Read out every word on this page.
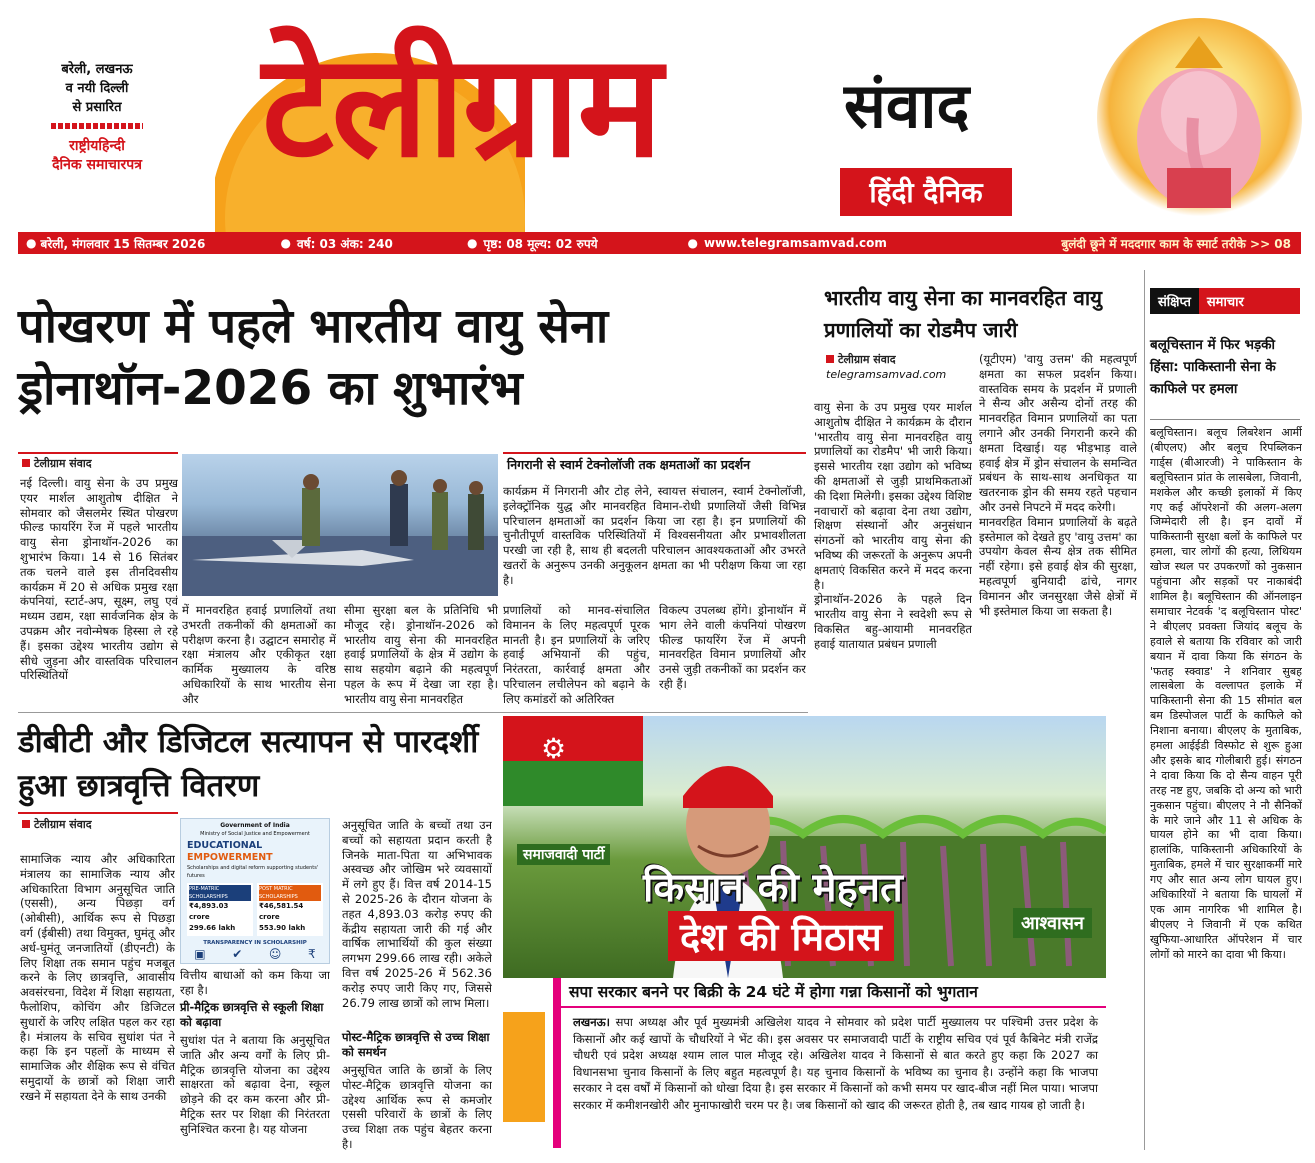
बरेली, लखनऊ
व नयी दिल्ली
से प्रसारित
राष्ट्रीयहिन्दी
दैनिक समाचारपत्र टेलीग्राम	संवाद
हिंदी दैनिक
● बरेली, मंगलवार 15 सितम्बर 2026	● वर्ष: 03 अंक: 240	● पृष्ठ: 08 मूल्य: 02 रुपये	● www.telegramsamvad.com	बुलंदी छूने में मददगार काम के स्मार्ट तरीके >> 08
पोखरण में पहले भारतीय वायु सेना ड्रोनाथॉन-2026 का शुभारंभ
टेलीग्राम संवाद
नई दिल्ली। वायु सेना के उप प्रमुख एयर मार्शल आशुतोष दीक्षित ने सोमवार को जैसलमेर स्थित पोखरण फील्ड फायरिंग रेंज में पहले भारतीय वायु सेना ड्रोनाथॉन-2026 का शुभारंभ किया। 14 से 16 सितंबर तक चलने वाले इस तीनदिवसीय कार्यक्रम में 20 से अधिक प्रमुख रक्षा कंपनियां, स्टार्ट-अप, सूक्ष्म, लघु एवं मध्यम उद्यम, रक्षा सार्वजनिक क्षेत्र के उपक्रम और नवोन्मेषक हिस्सा ले रहे हैं। इसका उद्देश्य भारतीय उद्योग से सीधे जुड़ना और वास्तविक परिचालन परिस्थितियों
में मानवरहित हवाई प्रणालियों तथा उभरती तकनीकों की क्षमताओं का परीक्षण करना है। उद्घाटन समारोह में रक्षा मंत्रालय और एकीकृत रक्षा कार्मिक मुख्यालय के वरिष्ठ अधिकारियों के साथ भारतीय सेना और
सीमा सुरक्षा बल के प्रतिनिधि भी मौजूद रहे। ड्रोनाथॉन-2026 को भारतीय वायु सेना की मानवरहित हवाई प्रणालियों के क्षेत्र में उद्योग के साथ सहयोग बढ़ाने की महत्वपूर्ण पहल के रूप में देखा जा रहा है। भारतीय वायु सेना मानवरहित
निगरानी से स्वार्म टेक्नोलॉजी तक क्षमताओं का प्रदर्शन
कार्यक्रम में निगरानी और टोह लेने, स्वायत्त संचालन, स्वार्म टेक्नोलॉजी, इलेक्ट्रॉनिक युद्ध और मानवरहित विमान-रोधी प्रणालियों जैसी विभिन्न परिचालन क्षमताओं का प्रदर्शन किया जा रहा है। इन प्रणालियों की चुनौतीपूर्ण वास्तविक परिस्थितियों में विश्वसनीयता और प्रभावशीलता परखी जा रही है, साथ ही बदलती परिचालन आवश्यकताओं और उभरते खतरों के अनुरूप उनकी अनुकूलन क्षमता का भी परीक्षण किया जा रहा है।
प्रणालियों को मानव-संचालित विमानन के लिए महत्वपूर्ण पूरक मानती है। इन प्रणालियों के जरिए हवाई अभियानों की पहुंच, निरंतरता, कार्रवाई क्षमता और परिचालन लचीलेपन को बढ़ाने के लिए कमांडरों को अतिरिक्त
विकल्प उपलब्ध होंगे। ड्रोनाथॉन में भाग लेने वाली कंपनियां पोखरण फील्ड फायरिंग रेंज में अपनी मानवरहित विमान प्रणालियों और उनसे जुड़ी तकनीकों का प्रदर्शन कर रही हैं।
भारतीय वायु सेना का मानवरहित वायु प्रणालियों का रोडमैप जारी
टेलीग्राम संवाद
telegramsamvad.com
वायु सेना के उप प्रमुख एयर मार्शल आशुतोष दीक्षित ने कार्यक्रम के दौरान 'भारतीय वायु सेना मानवरहित वायु प्रणालियों का रोडमैप' भी जारी किया। इससे भारतीय रक्षा उद्योग को भविष्य की क्षमताओं से जुड़ी प्राथमिकताओं की दिशा मिलेगी। इसका उद्देश्य विशिष्ट नवाचारों को बढ़ावा देना तथा उद्योग, शिक्षण संस्थानों और अनुसंधान संगठनों को भारतीय वायु सेना की भविष्य की जरूरतों के अनुरूप अपनी क्षमताएं विकसित करने में मदद करना है।
ड्रोनाथॉन-2026 के पहले दिन भारतीय वायु सेना ने स्वदेशी रूप से विकसित बहु-आयामी मानवरहित हवाई यातायात प्रबंधन प्रणाली
(यूटीएम) 'वायु उत्तम' की महत्वपूर्ण क्षमता का सफल प्रदर्शन किया। वास्तविक समय के प्रदर्शन में प्रणाली ने सैन्य और असैन्य दोनों तरह की मानवरहित विमान प्रणालियों का पता लगाने और उनकी निगरानी करने की क्षमता दिखाई। यह भीड़भाड़ वाले हवाई क्षेत्र में ड्रोन संचालन के समन्वित प्रबंधन के साथ-साथ अनधिकृत या खतरनाक ड्रोन की समय रहते पहचान और उनसे निपटने में मदद करेगी।
मानवरहित विमान प्रणालियों के बढ़ते इस्तेमाल को देखते हुए 'वायु उत्तम' का उपयोग केवल सैन्य क्षेत्र तक सीमित नहीं रहेगा। इसे हवाई क्षेत्र की सुरक्षा, महत्वपूर्ण बुनियादी ढांचे, नागर विमानन और जनसुरक्षा जैसे क्षेत्रों में भी इस्तेमाल किया जा सकता है।
संक्षिप्त	समाचार
बलूचिस्तान में फिर भड़की हिंसा: पाकिस्तानी सेना के काफिले पर हमला
बलूचिस्तान। बलूच लिबरेशन आर्मी (बीएलए) और बलूच रिपब्लिकन गार्ड्स (बीआरजी) ने पाकिस्तान के बलूचिस्तान प्रांत के लासबेला, जिवानी, मशकेल और कच्छी इलाकों में किए गए कई ऑपरेशनों की अलग-अलग जिम्मेदारी ली है। इन दावों में पाकिस्तानी सुरक्षा बलों के काफिले पर हमला, चार लोगों की हत्या, लिथियम खोज स्थल पर उपकरणों को नुकसान पहुंचाना और सड़कों पर नाकाबंदी शामिल है। बलूचिस्तान की ऑनलाइन समाचार नेटवर्क 'द बलूचिस्तान पोस्ट' ने बीएलए प्रवक्ता जियांद बलूच के हवाले से बताया कि रविवार को जारी बयान में दावा किया कि संगठन के 'फतह स्क्वाड' ने शनिवार सुबह लासबेला के वल्लापत इलाके में पाकिस्तानी सेना की 15 सीमांत बल बम डिस्पोजल पार्टी के काफिले को निशाना बनाया। बीएलए के मुताबिक, हमला आईईडी विस्फोट से शुरू हुआ और इसके बाद गोलीबारी हुई। संगठन ने दावा किया कि दो सैन्य वाहन पूरी तरह नष्ट हुए, जबकि दो अन्य को भारी नुकसान पहुंचा। बीएलए ने नौ सैनिकों के मारे जाने और 11 से अधिक के घायल होने का भी दावा किया। हालांकि, पाकिस्तानी अधिकारियों के मुताबिक, हमले में चार सुरक्षाकर्मी मारे गए और सात अन्य लोग घायल हुए। अधिकारियों ने बताया कि घायलों में एक आम नागरिक भी शामिल है। बीएलए ने जिवानी में एक कथित खुफिया-आधारित ऑपरेशन में चार लोगों को मारने का दावा भी किया।
डीबीटी और डिजिटल सत्यापन से पारदर्शी हुआ छात्रवृत्ति वितरण
टेलीग्राम संवाद
सामाजिक न्याय और अधिकारिता मंत्रालय का सामाजिक न्याय और अधिकारिता विभाग अनुसूचित जाति (एससी), अन्य पिछड़ा वर्ग (ओबीसी), आर्थिक रूप से पिछड़ा वर्ग (ईबीसी) तथा विमुक्त, घुमंतू और अर्ध-घुमंतू जनजातियों (डीएनटी) के लिए शिक्षा तक समान पहुंच मजबूत करने के लिए छात्रवृत्ति, आवासीय अवसंरचना, विदेश में शिक्षा सहायता, फैलोशिप, कोचिंग और डिजिटल सुधारों के जरिए लक्षित पहल कर रहा है। मंत्रालय के सचिव सुधांश पंत ने कहा कि इन पहलों के माध्यम से सामाजिक और शैक्षिक रूप से वंचित समुदायों के छात्रों को शिक्षा जारी रखने में सहायता देने के साथ उनकी
Government of India
Ministry of Social Justice and Empowerment
EDUCATIONAL EMPOWERMENT
Scholarships and digital reform supporting students' futures
PRE-MATRIC SCHOLARSHIPS
₹4,893.03 crore
299.66 lakh
POST MATRIC SCHOLARSHIPS
₹46,581.54 crore
553.90 lakh
TRANSPARENCY IN SCHOLARSHIP
▣ ✔ ☺ ₹
वित्तीय बाधाओं को कम किया जा रहा है।
प्री-मैट्रिक छात्रवृत्ति से स्कूली शिक्षा को बढ़ावा
सुधांश पंत ने बताया कि अनुसूचित जाति और अन्य वर्गों के लिए प्री-मैट्रिक छात्रवृत्ति योजना का उद्देश्य साक्षरता को बढ़ावा देना, स्कूल छोड़ने की दर कम करना और प्री-मैट्रिक स्तर पर शिक्षा की निरंतरता सुनिश्चित करना है। यह योजना
अनुसूचित जाति के बच्चों तथा उन बच्चों को सहायता प्रदान करती है जिनके माता-पिता या अभिभावक अस्वच्छ और जोखिम भरे व्यवसायों में लगे हुए हैं। वित्त वर्ष 2014-15 से 2025-26 के दौरान योजना के तहत 4,893.03 करोड़ रुपए की केंद्रीय सहायता जारी की गई और वार्षिक लाभार्थियों की कुल संख्या लगभग 299.66 लाख रही। अकेले वित्त वर्ष 2025-26 में 562.36 करोड़ रुपए जारी किए गए, जिससे 26.79 लाख छात्रों को लाभ मिला।
पोस्ट-मैट्रिक छात्रवृत्ति से उच्च शिक्षा को समर्थन
अनुसूचित जाति के छात्रों के लिए पोस्ट-मैट्रिक छात्रवृत्ति योजना का उद्देश्य आर्थिक रूप से कमजोर एससी परिवारों के छात्रों के लिए उच्च शिक्षा तक पहुंच बेहतर करना है।
⚙
समाजवादी पार्टी
किसान की मेहनत
देश की मिठास	आश्वासन
सपा सरकार बनने पर बिक्री के 24 घंटे में होगा गन्ना किसानों को भुगतान
लखनऊ। सपा अध्यक्ष और पूर्व मुख्यमंत्री अखिलेश यादव ने सोमवार को प्रदेश पार्टी मुख्यालय पर पश्चिमी उत्तर प्रदेश के किसानों और कई खापों के चौधरियों ने भेंट की। इस अवसर पर समाजवादी पार्टी के राष्ट्रीय सचिव एवं पूर्व कैबिनेट मंत्री राजेंद्र चौधरी एवं प्रदेश अध्यक्ष श्याम लाल पाल मौजूद रहे। अखिलेश यादव ने किसानों से बात करते हुए कहा कि 2027 का विधानसभा चुनाव किसानों के लिए बहुत महत्वपूर्ण है। यह चुनाव किसानों के भविष्य का चुनाव है। उन्होंने कहा कि भाजपा सरकार ने दस वर्षों में किसानों को धोखा दिया है। इस सरकार में किसानों को कभी समय पर खाद-बीज नहीं मिल पाया। भाजपा सरकार में कमीशनखोरी और मुनाफाखोरी चरम पर है। जब किसानों को खाद की जरूरत होती है, तब खाद गायब हो जाती है।
